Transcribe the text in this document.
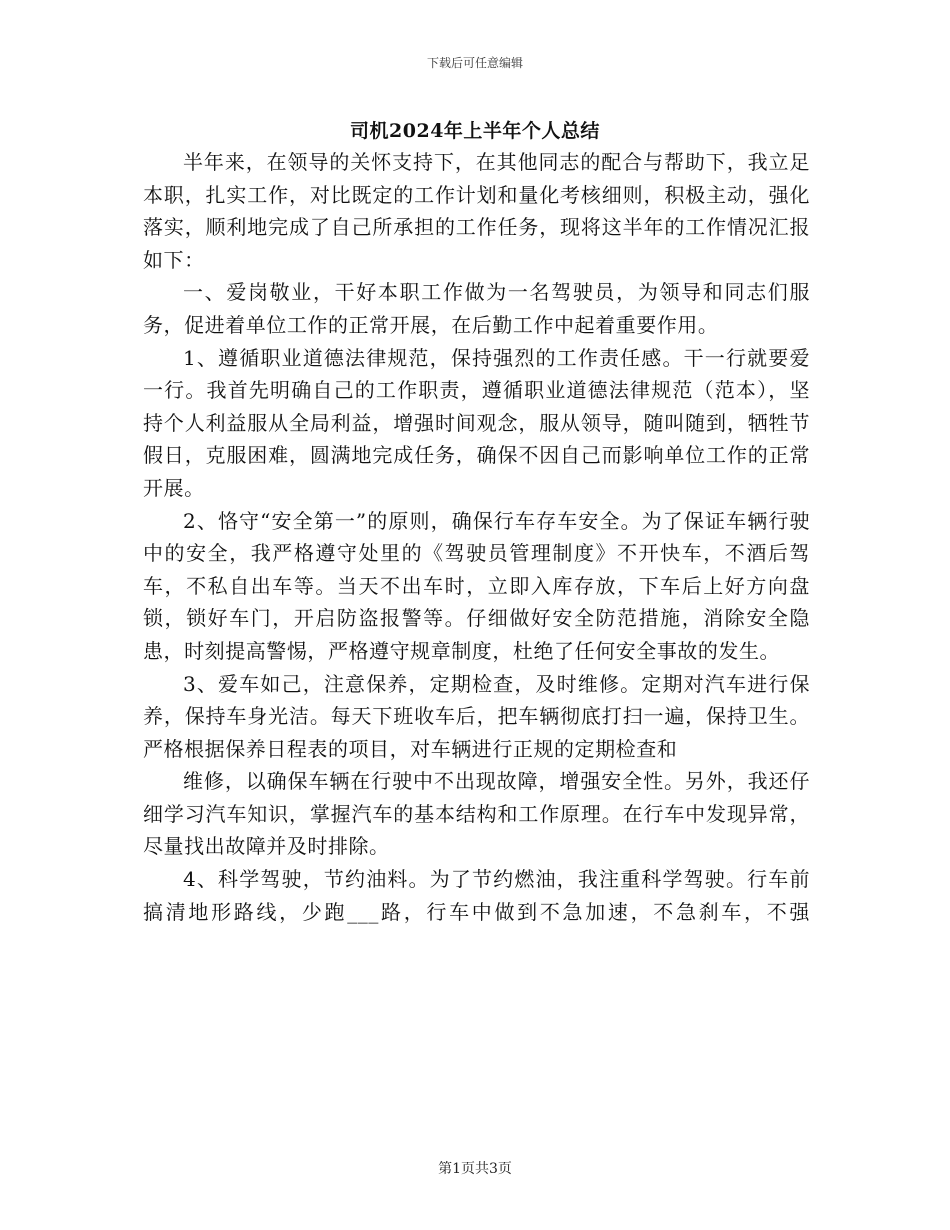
下载后可任意编辑
司机2024年上半年个人总结

半年来，在领导的关怀支持下，在其他同志的配合与帮助下，我立足本职，扎实工作，对比既定的工作计划和量化考核细则，积极主动，强化落实，顺利地完成了自己所承担的工作任务，现将这半年的工作情况汇报如下：

一、爱岗敬业，干好本职工作做为一名驾驶员，为领导和同志们服务，促进着单位工作的正常开展，在后勤工作中起着重要作用。

1、遵循职业道德法律规范，保持强烈的工作责任感。干一行就要爱一行。我首先明确自己的工作职责，遵循职业道德法律规范（范本），坚持个人利益服从全局利益，增强时间观念，服从领导，随叫随到，牺牲节假日，克服困难，圆满地完成任务，确保不因自己而影响单位工作的正常开展。

2、恪守“安全第一”的原则，确保行车存车安全。为了保证车辆行驶中的安全，我严格遵守处里的《驾驶员管理制度》不开快车，不酒后驾车，不私自出车等。当天不出车时，立即入库存放，下车后上好方向盘锁，锁好车门，开启防盗报警等。仔细做好安全防范措施，消除安全隐患，时刻提高警惕，严格遵守规章制度，杜绝了任何安全事故的发生。

3、爱车如己，注意保养，定期检查，及时维修。定期对汽车进行保养，保持车身光洁。每天下班收车后，把车辆彻底打扫一遍，保持卫生。严格根据保养日程表的项目，对车辆进行正规的定期检查和

维修，以确保车辆在行驶中不出现故障，增强安全性。另外，我还仔细学习汽车知识，掌握汽车的基本结构和工作原理。在行车中发现异常，尽量找出故障并及时排除。

4、科学驾驶，节约油料。为了节约燃油，我注重科学驾驶。行车前搞清地形路线，少跑___路，行车中做到不急加速，不急刹车，不强

第1页共3页
